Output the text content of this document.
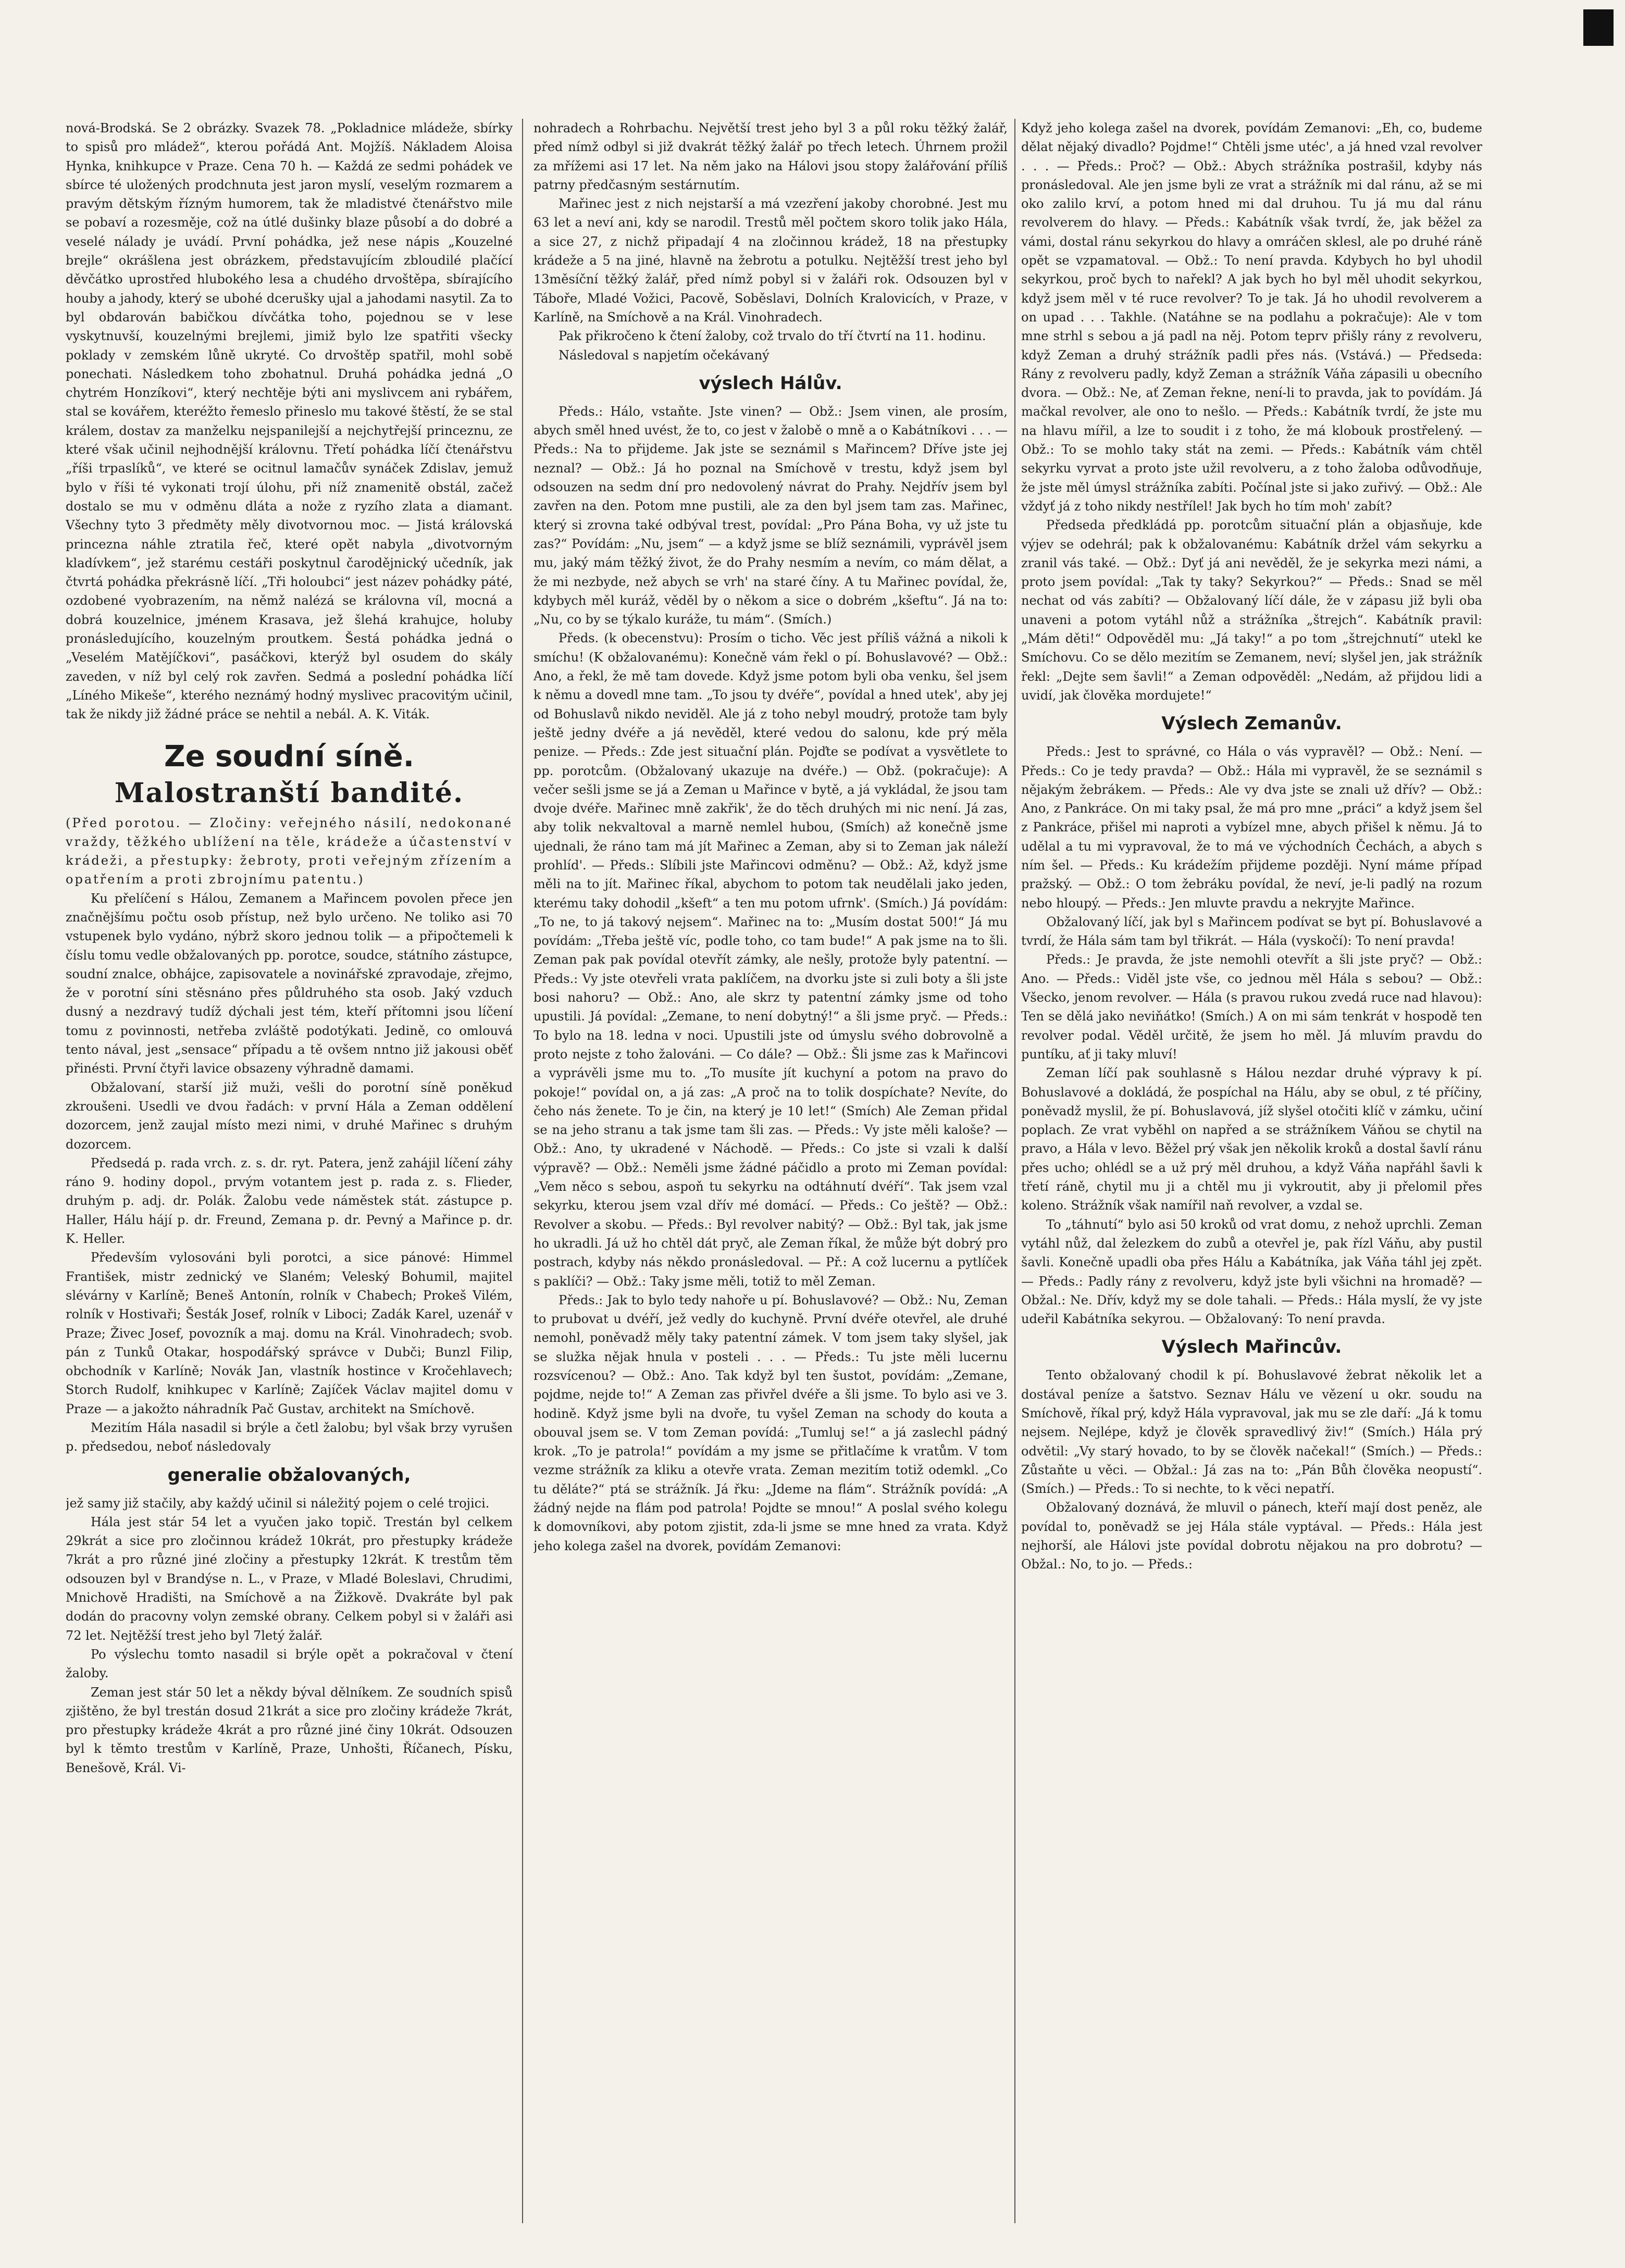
nová-Brodská. Se 2 obrázky. Svazek 78. „Pokladnice mládeže, sbírky to spisů pro mládež“, kterou pořádá Ant. Mojžíš. Nákladem Aloisa Hynka, knihkupce v Praze. Cena 70 h. — Každá ze sedmi pohádek ve sbírce té uložených prodchnuta jest jaron myslí, veselým rozmarem a pravým dětským řízným humorem, tak že mladistvé čtenářstvo mile se pobaví a rozesměje, což na útlé dušinky blaze působí a do dobré a veselé nálady je uvádí. První pohádka, jež nese nápis „Kouzelné brejle“ okrášlena jest obrázkem, představujícím zbloudilé plačící děvčátko uprostřed hlubokého lesa a chudého drvoštěpa, sbírajícího houby a jahody, který se ubohé dcerušky ujal a jahodami nasytil. Za to byl obdarován babičkou dívčátka toho, pojednou se v lese vyskytnuvší, kouzelnými brejlemi, jimiž bylo lze spatřiti všecky poklady v zemském lůně ukryté. Co drvoštěp spatřil, mohl sobě ponechati. Následkem toho zbohatnul. Druhá pohádka jedná „O chytrém Honzíkovi“, který nechtěje býti ani myslivcem ani rybářem, stal se kovářem, kteréžto řemeslo přineslo mu takové štěstí, že se stal králem, dostav za manželku nejspanilejší a nejchytřejší princeznu, ze které však učinil nejhodnější královnu. Třetí pohádka líčí čtenářstvu „říši trpaslíků“, ve které se ocitnul lamačův synáček Zdislav, jemuž bylo v říši té vykonati trojí úlohu, při níž znamenitě obstál, začež dostalo se mu v odměnu dláta a nože z ryzího zlata a diamant. Všechny tyto 3 předměty měly divotvornou moc. — Jistá královská princezna náhle ztratila řeč, které opět nabyla „divotvorným kladívkem“, jež starému cestáři poskytnul čarodějnický učedník, jak čtvrtá pohádka překrásně líčí. „Tři holoubci“ jest název pohádky páté, ozdobené vyobrazením, na němž nalézá se královna víl, mocná a dobrá kouzelnice, jménem Krasava, jež šlehá krahujce, holuby pronásledujícího, kouzelným proutkem. Šestá pohádka jedná o „Veselém Matějíčkovi“, pasáčkovi, kterýž byl osudem do skály zaveden, v níž byl celý rok zavřen. Sedmá a poslední pohádka líčí „Líného Mikeše“, kterého neznámý hodný myslivec pracovitým učinil, tak že nikdy již žádné práce se nehtil a nebál. A. K. Viták.

Ze soudní síně.
Malostranští bandité.

(Před porotou. — Zločiny: veřejného násilí, nedokonané vraždy, těžkého ublížení na těle, krádeže a účastenství v krádeži, a přestupky: žebroty, proti veřejným zřízením a opatřením a proti zbrojnímu patentu.)

Ku přelíčení s Hálou, Zemanem a Mařincem povolen přece jen značnějšímu počtu osob přístup, než bylo určeno. Ne toliko asi 70 vstupenek bylo vydáno, nýbrž skoro jednou tolik — a připočtemeli k číslu tomu vedle obžalovaných pp. porotce, soudce, státního zástupce, soudní znalce, obhájce, zapisovatele a novinářské zpravodaje, zřejmo, že v porotní síni stěsnáno přes půldruhého sta osob. Jaký vzduch dusný a nezdravý tudíž dýchali jest tém, kteří přítomni jsou líčení tomu z povinnosti, netřeba zvláště podotýkati. Jedině, co omlouvá tento nával, jest „sensace“ případu a tě ovšem nntno již jakousi oběť přinésti. První čtyři lavice obsazeny výhradně damami.

Obžalovaní, starší již muži, vešli do porotní síně poněkud zkroušeni. Usedli ve dvou řadách: v první Hála a Zeman oddělení dozorcem, jenž zaujal místo mezi nimi, v druhé Mařinec s druhým dozorcem.

Předsedá p. rada vrch. z. s. dr. ryt. Patera, jenž zahájil líčení záhy ráno 9. hodiny dopol., prvým votantem jest p. rada z. s. Flieder, druhým p. adj. dr. Polák. Žalobu vede náměstek stát. zástupce p. Haller, Hálu hájí p. dr. Freund, Zemana p. dr. Pevný a Mařince p. dr. K. Heller.

Především vylosováni byli porotci, a sice pánové: Himmel František, mistr zednický ve Slaném; Veleský Bohumil, majitel slévárny v Karlíně; Beneš Antonín, rolník v Chabech; Prokeš Vilém, rolník v Hostivaři; Šesták Josef, rolník v Liboci; Zadák Karel, uzenář v Praze; Živec Josef, povozník a maj. domu na Král. Vinohradech; svob. pán z Tunků Otakar, hospodářský správce v Dubči; Bunzl Filip, obchodník v Karlíně; Novák Jan, vlastník hostince v Kročehlavech; Storch Rudolf, knihkupec v Karlíně; Zajíček Václav majitel domu v Praze — a jakožto náhradník Pač Gustav, architekt na Smíchově.

Mezitím Hála nasadil si brýle a četl žalobu; byl však brzy vyrušen p. předsedou, neboť následovaly

generalie obžalovaných,

jež samy již stačily, aby každý učinil si náležitý pojem o celé trojici.

Hála jest stár 54 let a vyučen jako topič. Trestán byl celkem 29krát a sice pro zločinnou krádež 10krát, pro přestupky krádeže 7krát a pro různé jiné zločiny a přestupky 12krát. K trestům těm odsouzen byl v Brandýse n. L., v Praze, v Mladé Boleslavi, Chrudimi, Mnichově Hradišti, na Smíchově a na Žižkově. Dvakráte byl pak dodán do pracovny volyn zemské obrany. Celkem pobyl si v žaláři asi 72 let. Nejtěžší trest jeho byl 7letý žalář.

Po výslechu tomto nasadil si brýle opět a pokračoval v čtení žaloby.

Zeman jest stár 50 let a někdy býval dělníkem. Ze soudních spisů zjištěno, že byl trestán dosud 21krát a sice pro zločiny krádeže 7krát, pro přestupky krádeže 4krát a pro různé jiné činy 10krát. Odsouzen byl k těmto trestům v Karlíně, Praze, Unhošti, Říčanech, Písku, Benešově, Král. Vi-

nohradech a Rohrbachu. Největší trest jeho byl 3 a půl roku těžký žalář, před nímž odbyl si již dvakrát těžký žalář po třech letech. Úhrnem prožil za mřížemi asi 17 let. Na něm jako na Hálovi jsou stopy žalářování příliš patrny předčasným sestárnutím.

Mařinec jest z nich nejstarší a má vzezření jakoby chorobné. Jest mu 63 let a neví ani, kdy se narodil. Trestů měl počtem skoro tolik jako Hála, a sice 27, z nichž připadají 4 na zločinnou krádež, 18 na přestupky krádeže a 5 na jiné, hlavně na žebrotu a potulku. Nejtěžší trest jeho byl 13měsíční těžký žalář, před nímž pobyl si v žaláři rok. Odsouzen byl v Táboře, Mladé Vožici, Pacově, Soběslavi, Dolních Kralovicích, v Praze, v Karlíně, na Smíchově a na Král. Vinohradech.

Pak přikročeno k čtení žaloby, což trvalo do tří čtvrtí na 11. hodinu.

Následoval s napjetím očekávaný

výslech Hálův.

Předs.: Hálo, vstaňte. Jste vinen? — Obž.: Jsem vinen, ale prosím, abych směl hned uvést, že to, co jest v žalobě o mně a o Kabátníkovi . . . — Předs.: Na to přijdeme. Jak jste se seznámil s Mařincem? Dříve jste jej neznal? — Obž.: Já ho poznal na Smíchově v trestu, když jsem byl odsouzen na sedm dní pro nedovolený návrat do Prahy. Nejdřív jsem byl zavřen na den. Potom mne pustili, ale za den byl jsem tam zas. Mařinec, který si zrovna také odbýval trest, povídal: „Pro Pána Boha, vy už jste tu zas?“ Povídám: „Nu, jsem“ — a když jsme se blíž seznámili, vyprávěl jsem mu, jaký mám těžký život, že do Prahy nesmím a nevím, co mám dělat, a že mi nezbyde, než abych se vrh' na staré číny. A tu Mařinec povídal, že, kdybych měl kuráž, věděl by o někom a sice o dobrém „kšeftu“. Já na to: „Nu, co by se týkalo kuráže, tu mám“. (Smích.)

Předs. (k obecenstvu): Prosím o ticho. Věc jest příliš vážná a nikoli k smíchu! (K obžalovanému): Konečně vám řekl o pí. Bohuslavové? — Obž.: Ano, a řekl, že mě tam dovede. Když jsme potom byli oba venku, šel jsem k němu a dovedl mne tam. „To jsou ty dvéře“, povídal a hned utek', aby jej od Bohuslavů nikdo neviděl. Ale já z toho nebyl moudrý, protože tam byly ještě jedny dvéře a já nevěděl, které vedou do salonu, kde prý měla penize. — Předs.: Zde jest situační plán. Pojďte se podívat a vysvětlete to pp. porotcům. (Obžalovaný ukazuje na dvéře.) — Obž. (pokračuje): A večer sešli jsme se já a Zeman u Mařince v bytě, a já vykládal, že jsou tam dvoje dvéře. Mařinec mně zakřik', že do těch druhých mi nic není. Já zas, aby tolik nekvaltoval a marně nemlel hubou, (Smích) až konečně jsme ujednali, že ráno tam má jít Mařinec a Zeman, aby si to Zeman jak náleží prohlíd'. — Předs.: Slíbili jste Mařincovi odměnu? — Obž.: Až, když jsme měli na to jít. Mařinec říkal, abychom to potom tak neudělali jako jeden, kterému taky dohodil „kšeft“ a ten mu potom ufrnk'. (Smích.) Já povídám: „To ne, to já takový nejsem“. Mařinec na to: „Musím dostat 500!“ Já mu povídám: „Třeba ještě víc, podle toho, co tam bude!“ A pak jsme na to šli. Zeman pak pak povídal otevřít zámky, ale nešly, protože byly patentní. — Předs.: Vy jste otevřeli vrata paklíčem, na dvorku jste si zuli boty a šli jste bosi nahoru? — Obž.: Ano, ale skrz ty patentní zámky jsme od toho upustili. Já povídal: „Zemane, to není dobytný!“ a šli jsme pryč. — Předs.: To bylo na 18. ledna v noci. Upustili jste od úmyslu svého dobrovolně a proto nejste z toho žalováni. — Co dále? — Obž.: Šli jsme zas k Mařincovi a vyprávěli jsme mu to. „To musíte jít kuchyní a potom na pravo do pokoje!“ povídal on, a já zas: „A proč na to tolik dospíchate? Nevíte, do čeho nás ženete. To je čin, na který je 10 let!“ (Smích) Ale Zeman přidal se na jeho stranu a tak jsme tam šli zas. — Předs.: Vy jste měli kaloše? — Obž.: Ano, ty ukradené v Náchodě. — Předs.: Co jste si vzali k další výpravě? — Obž.: Neměli jsme žádné páčidlo a proto mi Zeman povídal: „Vem něco s sebou, aspoň tu sekyrku na odtáhnutí dvéří“. Tak jsem vzal sekyrku, kterou jsem vzal dřív mé domácí. — Předs.: Co ještě? — Obž.: Revolver a skobu. — Předs.: Byl revolver nabitý? — Obž.: Byl tak, jak jsme ho ukradli. Já už ho chtěl dát pryč, ale Zeman říkal, že může být dobrý pro postrach, kdyby nás někdo pronásledoval. — Př.: A což lucernu a pytlíček s paklíči? — Obž.: Taky jsme měli, totiž to měl Zeman.

Předs.: Jak to bylo tedy nahoře u pí. Bohuslavové? — Obž.: Nu, Zeman to prubovat u dvéří, jež vedly do kuchyně. První dvéře otevřel, ale druhé nemohl, poněvadž měly taky patentní zámek. V tom jsem taky slyšel, jak se služka nějak hnula v posteli . . . — Předs.: Tu jste měli lucernu rozsvícenou? — Obž.: Ano. Tak když byl ten šustot, povídám: „Zemane, pojdme, nejde to!“ A Zeman zas přivřel dvéře a šli jsme. To bylo asi ve 3. hodině. Když jsme byli na dvoře, tu vyšel Zeman na schody do kouta a obouval jsem se. V tom Zeman povídá: „Tumluj se!“ a já zaslechl pádný krok. „To je patrola!“ povídám a my jsme se přitlačíme k vratům. V tom vezme strážník za kliku a otevře vrata. Zeman mezitím totiž odemkl. „Co tu děláte?“ ptá se strážník. Já řku: „Jdeme na flám“. Strážník povídá: „A žádný nejde na flám pod patrola! Pojdte se mnou!“ A poslal svého kolegu k domovníkovi, aby potom zjistit, zda-li jsme se mne hned za vrata. Když jeho kolega zašel na dvorek, povídám Zemanovi:

Když jeho kolega zašel na dvorek, povídám Zemanovi: „Eh, co, budeme dělat nějaký divadlo? Pojdme!“ Chtěli jsme utéc', a já hned vzal revolver . . . — Předs.: Proč? — Obž.: Abych strážníka postrašil, kdyby nás pronásledoval. Ale jen jsme byli ze vrat a strážník mi dal ránu, až se mi oko zalilo krví, a potom hned mi dal druhou. Tu já mu dal ránu revolverem do hlavy. — Předs.: Kabátník však tvrdí, že, jak běžel za vámi, dostal ránu sekyrkou do hlavy a omráčen sklesl, ale po druhé ráně opět se vzpamatoval. — Obž.: To není pravda. Kdybych ho byl uhodil sekyrkou, proč bych to nařekl? A jak bych ho byl měl uhodit sekyrkou, když jsem měl v té ruce revolver? To je tak. Já ho uhodil revolverem a on upad . . . Takhle. (Natáhne se na podlahu a pokračuje): Ale v tom mne strhl s sebou a já padl na něj. Potom teprv přišly rány z revolveru, když Zeman a druhý strážník padli přes nás. (Vstává.) — Předseda: Rány z revolveru padly, když Zeman a strážník Váňa zápasili u obecního dvora. — Obž.: Ne, ať Zeman řekne, není-li to pravda, jak to povídám. Já mačkal revolver, ale ono to nešlo. — Předs.: Kabátník tvrdí, že jste mu na hlavu mířil, a lze to soudit i z toho, že má klobouk prostřelený. — Obž.: To se mohlo taky stát na zemi. — Předs.: Kabátník vám chtěl sekyrku vyrvat a proto jste užil revolveru, a z toho žaloba odůvodňuje, že jste měl úmysl strážníka zabíti. Počínal jste si jako zuřivý. — Obž.: Ale vždyť já z toho nikdy nestřílel! Jak bych ho tím moh' zabít?

Předseda předkládá pp. porotcům situační plán a objasňuje, kde výjev se odehrál; pak k obžalovanému: Kabátník držel vám sekyrku a zranil vás také. — Obž.: Dyť já ani nevěděl, že je sekyrka mezi námi, a proto jsem povídal: „Tak ty taky? Sekyrkou?“ — Předs.: Snad se měl nechat od vás zabíti? — Obžalovaný líčí dále, že v zápasu již byli oba unaveni a potom vytáhl nůž a strážníka „štrejch“. Kabátník pravil: „Mám děti!“ Odpověděl mu: „Já taky!“ a po tom „štrejchnutí“ utekl ke Smíchovu. Co se dělo mezitím se Zemanem, neví; slyšel jen, jak strážník řekl: „Dejte sem šavli!“ a Zeman odpověděl: „Nedám, až přijdou lidi a uvidí, jak člověka mordujete!“

Výslech Zemanův.

Předs.: Jest to správné, co Hála o vás vypravěl? — Obž.: Není. — Předs.: Co je tedy pravda? — Obž.: Hála mi vypravěl, že se seznámil s nějakým žebrákem. — Předs.: Ale vy dva jste se znali už dřív? — Obž.: Ano, z Pankráce. On mi taky psal, že má pro mne „práci“ a když jsem šel z Pankráce, přišel mi naproti a vybízel mne, abych přišel k němu. Já to udělal a tu mi vypravoval, že to má ve východních Čechách, a abych s ním šel. — Předs.: Ku krádežím přijdeme později. Nyní máme případ pražský. — Obž.: O tom žebráku povídal, že neví, je-li padlý na rozum nebo hloupý. — Předs.: Jen mluvte pravdu a nekryjte Mařince.

Obžalovaný líčí, jak byl s Mařincem podívat se byt pí. Bohuslavové a tvrdí, že Hála sám tam byl třikrát. — Hála (vyskočí): To není pravda!

Předs.: Je pravda, že jste nemohli otevřít a šli jste pryč? — Obž.: Ano. — Předs.: Viděl jste vše, co jednou měl Hála s sebou? — Obž.: Všecko, jenom revolver. — Hála (s pravou rukou zvedá ruce nad hlavou): Ten se dělá jako neviňátko! (Smích.) A on mi sám tenkrát v hospodě ten revolver podal. Věděl určitě, že jsem ho měl. Já mluvím pravdu do puntíku, ať ji taky mluví!

Zeman líčí pak souhlasně s Hálou nezdar druhé výpravy k pí. Bohuslavové a dokládá, že pospíchal na Hálu, aby se obul, z té příčiny, poněvadž myslil, že pí. Bohuslavová, jíž slyšel otočiti klíč v zámku, učiní poplach. Ze vrat vyběhl on napřed a se strážníkem Váňou se chytil na pravo, a Hála v levo. Běžel prý však jen několik kroků a dostal šavlí ránu přes ucho; ohlédl se a už prý měl druhou, a když Váňa napřáhl šavli k třetí ráně, chytil mu ji a chtěl mu ji vykroutit, aby ji přelomil přes koleno. Strážník však namířil naň revolver, a vzdal se.

To „táhnutí“ bylo asi 50 kroků od vrat domu, z nehož uprchli. Zeman vytáhl nůž, dal železkem do zubů a otevřel je, pak řízl Váňu, aby pustil šavli. Konečně upadli oba přes Hálu a Kabátníka, jak Váňa táhl jej zpět. — Předs.: Padly rány z revolveru, když jste byli všichni na hromadě? — Obžal.: Ne. Dřív, když my se dole tahali. — Předs.: Hála myslí, že vy jste udeřil Kabátníka sekyrou. — Obžalovaný: To není pravda.

Výslech Mařincův.

Tento obžalovaný chodil k pí. Bohuslavové žebrat několik let a dostával peníze a šatstvo. Seznav Hálu ve vězení u okr. soudu na Smíchově, říkal prý, když Hála vypravoval, jak mu se zle daří: „Já k tomu nejsem. Nejlépe, když je člověk spravedlivý živ!“ (Smích.) Hála prý odvětil: „Vy starý hovado, to by se člověk načekal!“ (Smích.) — Předs.: Zůstaňte u věci. — Obžal.: Já zas na to: „Pán Bůh člověka neopustí“. (Smích.) — Předs.: To si nechte, to k věci nepatří.

Obžalovaný doznává, že mluvil o pánech, kteří mají dost peněz, ale povídal to, poněvadž se jej Hála stále vyptával. — Předs.: Hála jest nejhorší, ale Hálovi jste povídal dobrotu nějakou na pro dobrotu? — Obžal.: No, to jo. — Předs.:
